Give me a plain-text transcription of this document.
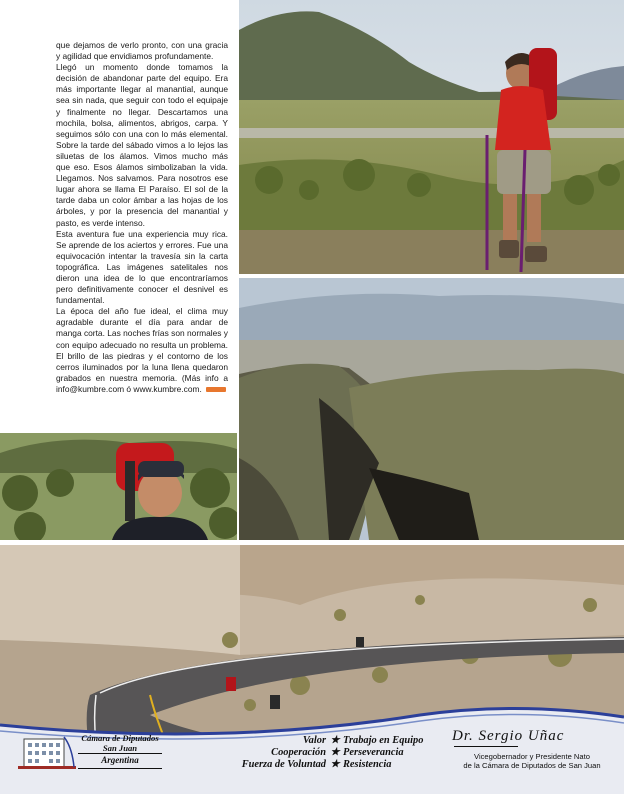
que dejamos de verlo pronto, con una gracia y agilidad que envidiamos profundamente.

Llegó un momento donde tomamos la decisión de abandonar parte del equipo. Era más importante llegar al manantial, aunque sea sin nada, que seguir con todo el equipaje y finalmente no llegar. Descartamos una mochila, bolsa, alimentos, abrigos, carpa. Y seguimos sólo con una con lo más elemental. Sobre la tarde del sábado vimos a lo lejos las siluetas de los álamos. Vimos mucho más que eso. Esos álamos simbolizaban la vida. Llegamos. Nos salvamos. Para nosotros ese lugar ahora se llama El Paraíso. El sol de la tarde daba un color ámbar a las hojas de los árboles, y por la presencia del manantial y pasto, es verde intenso.

Esta aventura fue una experiencia muy rica. Se aprende de los aciertos y errores. Fue una equivocación intentar la travesía sin la carta topográfica. Las imágenes satelitales nos dieron una idea de lo que encontraríamos pero definitivamente conocer el desnivel es fundamental.

La época del año fue ideal, el clima muy agradable durante el día para andar de manga corta. Las noches frías son normales y con equipo adecuado no resulta un problema. El brillo de las piedras y el contorno de los cerros iluminados por la luna llena quedaron grabados en nuestra memoria. (Más info a info@kumbre.com ó www.kumbre.com.

Cámara de Diputados
San Juan
Argentina
Valor
Cooperación
Fuerza de Voluntad
★
★
★
Trabajo en Equipo
Perseverancia
Resistencia
Dr. Sergio Uñac
Vicegobernador y Presidente Nato
de la Cámara de Diputados de San Juan
